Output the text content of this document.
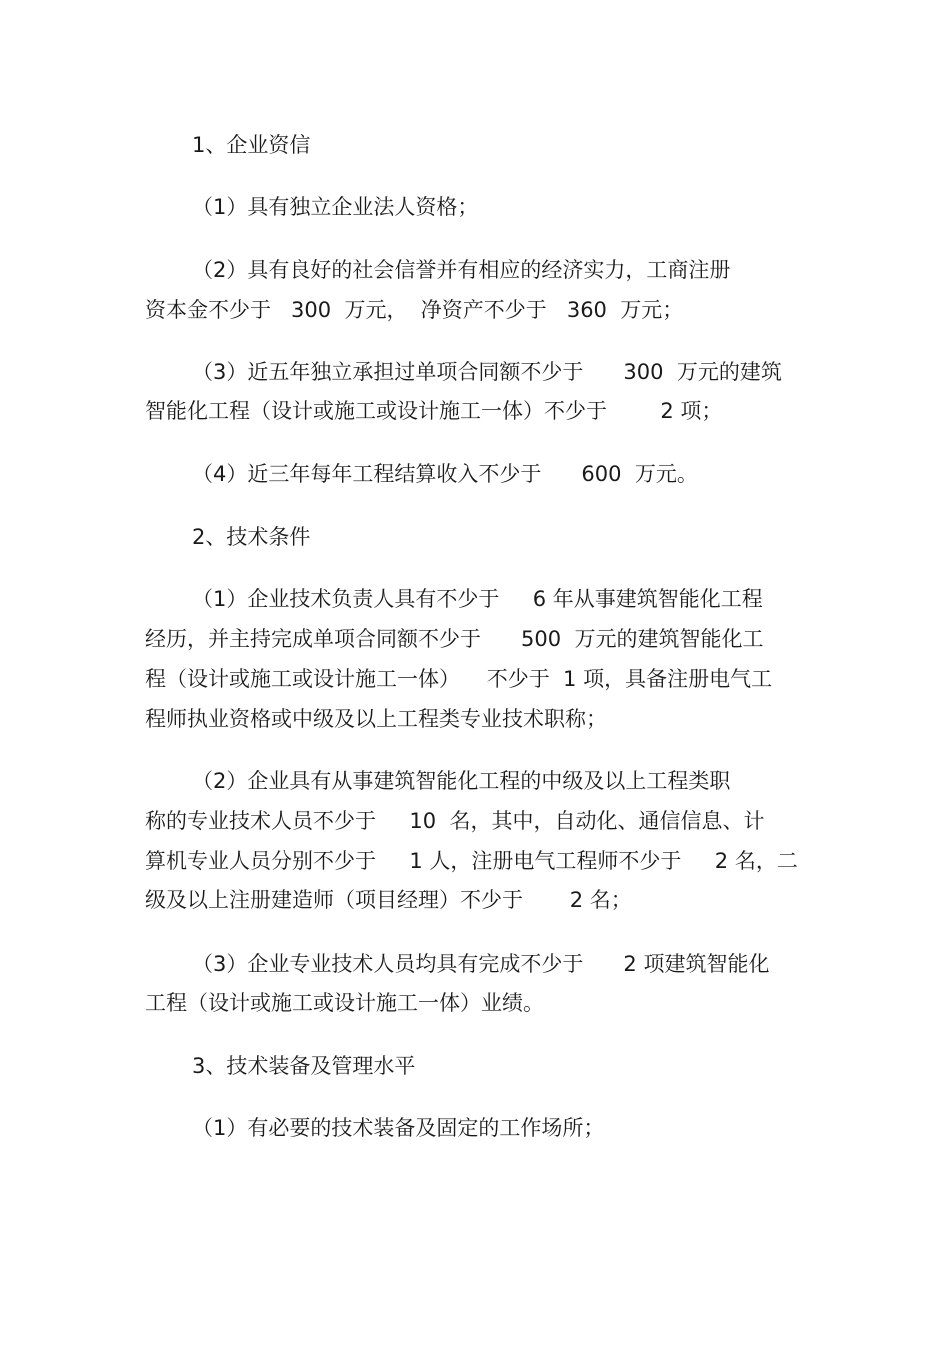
1、企业资信
（1）具有独立企业法人资格；
（2）具有良好的社会信誉并有相应的经济实力，工商注册
资本金不少于   300  万元，  净资产不少于   360  万元；
（3）近五年独立承担过单项合同额不少于      300  万元的建筑
智能化工程（设计或施工或设计施工一体）不少于        2 项；
（4）近三年每年工程结算收入不少于      600  万元。
2、技术条件
（1）企业技术负责人具有不少于     6 年从事建筑智能化工程
经历，并主持完成单项合同额不少于      500  万元的建筑智能化工
程（设计或施工或设计施工一体）    不少于  1 项，具备注册电气工
程师执业资格或中级及以上工程类专业技术职称；
（2）企业具有从事建筑智能化工程的中级及以上工程类职
称的专业技术人员不少于     10  名，其中，自动化、通信信息、计
算机专业人员分别不少于     1 人，注册电气工程师不少于     2 名，二
级及以上注册建造师（项目经理）不少于       2 名；
（3）企业专业技术人员均具有完成不少于      2 项建筑智能化
工程（设计或施工或设计施工一体）业绩。
3、技术装备及管理水平
（1）有必要的技术装备及固定的工作场所；
